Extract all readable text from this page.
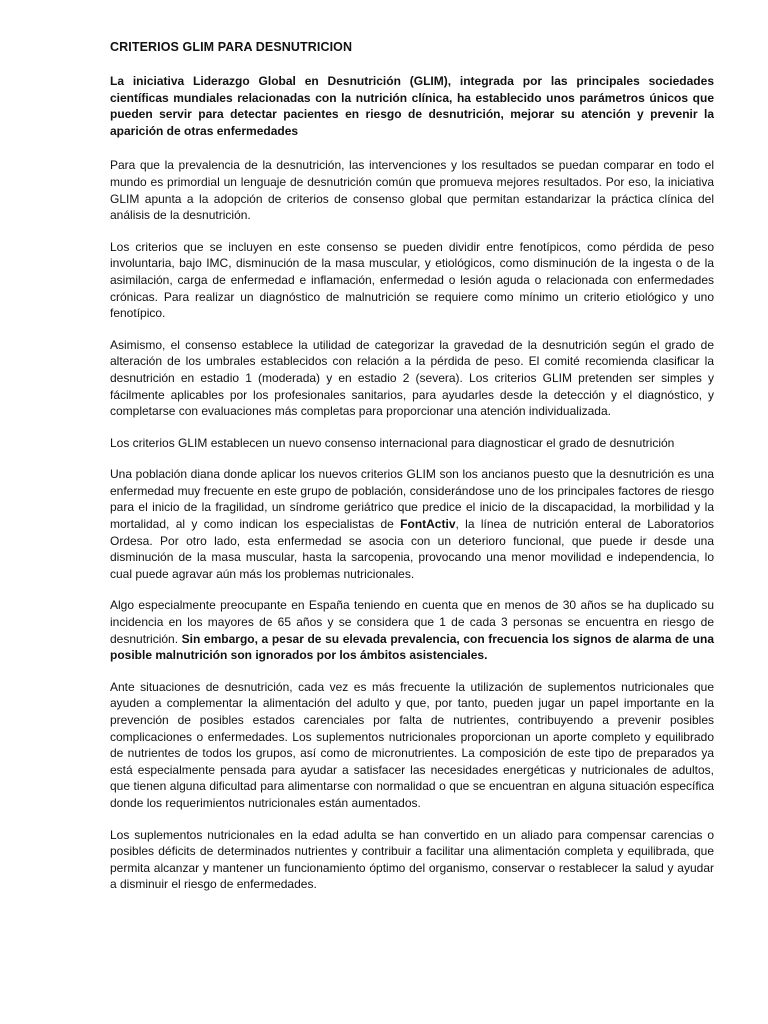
CRITERIOS GLIM PARA DESNUTRICION

La iniciativa Liderazgo Global en Desnutrición (GLIM), integrada por las principales sociedades científicas mundiales relacionadas con la nutrición clínica, ha establecido unos parámetros únicos que pueden servir para detectar pacientes en riesgo de desnutrición, mejorar su atención y prevenir la aparición de otras enfermedades

Para que la prevalencia de la desnutrición, las intervenciones y los resultados se puedan comparar en todo el mundo es primordial un lenguaje de desnutrición común que promueva mejores resultados. Por eso, la iniciativa GLIM apunta a la adopción de criterios de consenso global que permitan estandarizar la práctica clínica del análisis de la desnutrición.

Los criterios que se incluyen en este consenso se pueden dividir entre fenotípicos, como pérdida de peso involuntaria, bajo IMC, disminución de la masa muscular, y etiológicos, como disminución de la ingesta o de la asimilación, carga de enfermedad e inflamación, enfermedad o lesión aguda o relacionada con enfermedades crónicas. Para realizar un diagnóstico de malnutrición se requiere como mínimo un criterio etiológico y uno fenotípico.

Asimismo, el consenso establece la utilidad de categorizar la gravedad de la desnutrición según el grado de alteración de los umbrales establecidos con relación a la pérdida de peso. El comité recomienda clasificar la desnutrición en estadio 1 (moderada) y en estadio 2 (severa). Los criterios GLIM pretenden ser simples y fácilmente aplicables por los profesionales sanitarios, para ayudarles desde la detección y el diagnóstico, y completarse con evaluaciones más completas para proporcionar una atención individualizada.

Los criterios GLIM establecen un nuevo consenso internacional para diagnosticar el grado de desnutrición

Una población diana donde aplicar los nuevos criterios GLIM son los ancianos puesto que la desnutrición es una enfermedad muy frecuente en este grupo de población, considerándose uno de los principales factores de riesgo para el inicio de la fragilidad, un síndrome geriátrico que predice el inicio de la discapacidad, la morbilidad y la mortalidad, al y como indican los especialistas de FontActiv, la línea de nutrición enteral de Laboratorios Ordesa. Por otro lado, esta enfermedad se asocia con un deterioro funcional, que puede ir desde una disminución de la masa muscular, hasta la sarcopenia, provocando una menor movilidad e independencia, lo cual puede agravar aún más los problemas nutricionales.

Algo especialmente preocupante en España teniendo en cuenta que en menos de 30 años se ha duplicado su incidencia en los mayores de 65 años y se considera que 1 de cada 3 personas se encuentra en riesgo de desnutrición. Sin embargo, a pesar de su elevada prevalencia, con frecuencia los signos de alarma de una posible malnutrición son ignorados por los ámbitos asistenciales.

Ante situaciones de desnutrición, cada vez es más frecuente la utilización de suplementos nutricionales que ayuden a complementar la alimentación del adulto y que, por tanto, pueden jugar un papel importante en la prevención de posibles estados carenciales por falta de nutrientes, contribuyendo a prevenir posibles complicaciones o enfermedades. Los suplementos nutricionales proporcionan un aporte completo y equilibrado de nutrientes de todos los grupos, así como de micronutrientes. La composición de este tipo de preparados ya está especialmente pensada para ayudar a satisfacer las necesidades energéticas y nutricionales de adultos, que tienen alguna dificultad para alimentarse con normalidad o que se encuentran en alguna situación específica donde los requerimientos nutricionales están aumentados.

Los suplementos nutricionales en la edad adulta se han convertido en un aliado para compensar carencias o posibles déficits de determinados nutrientes y contribuir a facilitar una alimentación completa y equilibrada, que permita alcanzar y mantener un funcionamiento óptimo del organismo, conservar o restablecer la salud y ayudar a disminuir el riesgo de enfermedades.
